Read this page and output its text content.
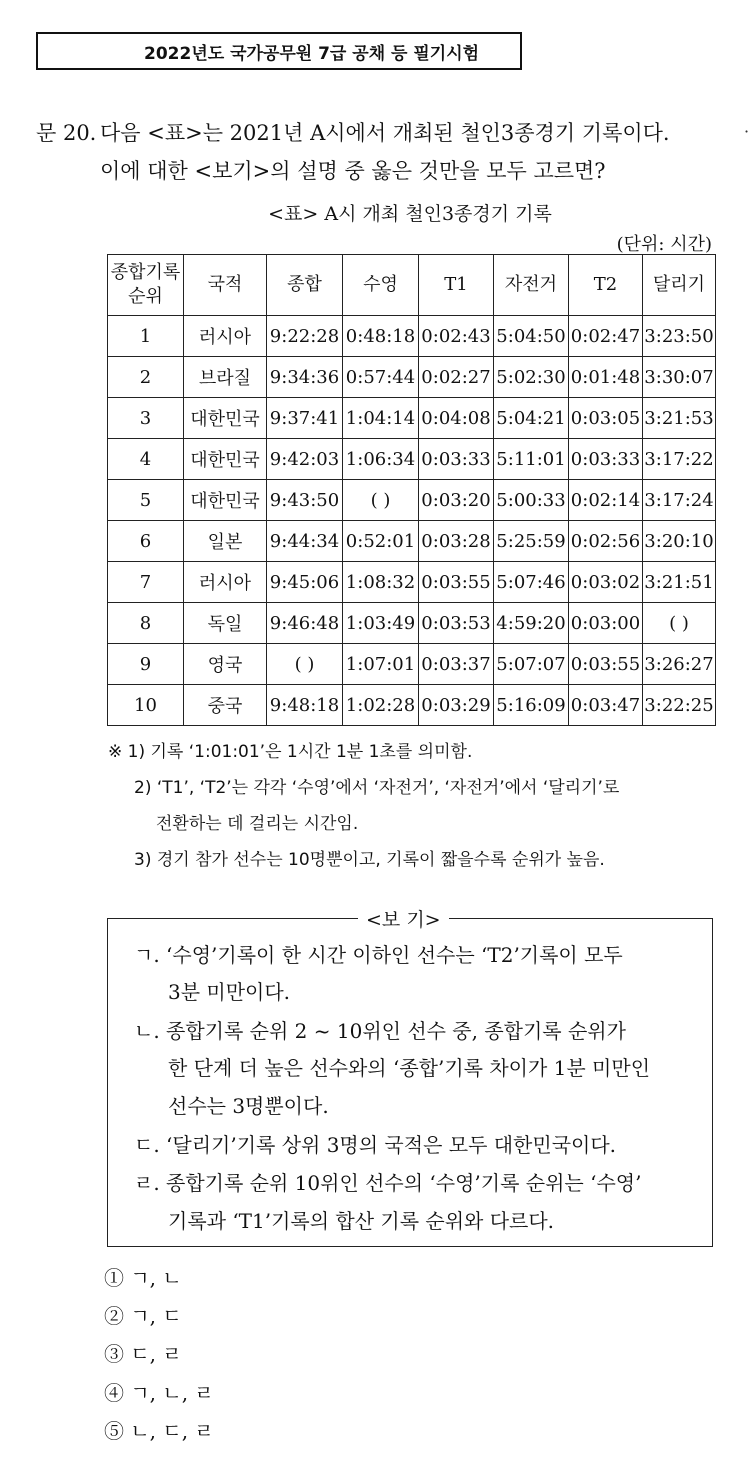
2022년도 국가공무원 7급 공채 등 필기시험
·
문 20. 다음 <표>는 2021년 A시에서 개최된 철인3종경기 기록이다.
이에 대한 <보기>의 설명 중 옳은 것만을 모두 고르면?
<표> A시 개최 철인3종경기 기록
(단위: 시간)
종합기록
순위	국적	종합	수영	T1	자전거	T2	달리기
1	러시아	9:22:28	0:48:18	0:02:43	5:04:50	0:02:47	3:23:50
2	브라질	9:34:36	0:57:44	0:02:27	5:02:30	0:01:48	3:30:07
3	대한민국	9:37:41	1:04:14	0:04:08	5:04:21	0:03:05	3:21:53
4	대한민국	9:42:03	1:06:34	0:03:33	5:11:01	0:03:33	3:17:22
5	대한민국	9:43:50	( )	0:03:20	5:00:33	0:02:14	3:17:24
6	일본	9:44:34	0:52:01	0:03:28	5:25:59	0:02:56	3:20:10
7	러시아	9:45:06	1:08:32	0:03:55	5:07:46	0:03:02	3:21:51
8	독일	9:46:48	1:03:49	0:03:53	4:59:20	0:03:00	( )
9	영국	( )	1:07:01	0:03:37	5:07:07	0:03:55	3:26:27
10	중국	9:48:18	1:02:28	0:03:29	5:16:09	0:03:47	3:22:25
※ 1) 기록 ‘1:01:01’은 1시간 1분 1초를 의미함.
2) ‘T1’, ‘T2’는 각각 ‘수영’에서 ‘자전거’, ‘자전거’에서 ‘달리기’로
전환하는 데 걸리는 시간임.
3) 경기 참가 선수는 10명뿐이고, 기록이 짧을수록 순위가 높음.
<보 기>
ㄱ. ‘수영’기록이 한 시간 이하인 선수는 ‘T2’기록이 모두
3분 미만이다.
ㄴ. 종합기록 순위 2 ~ 10위인 선수 중, 종합기록 순위가
한 단계 더 높은 선수와의 ‘종합’기록 차이가 1분 미만인
선수는 3명뿐이다.
ㄷ. ‘달리기’기록 상위 3명의 국적은 모두 대한민국이다.
ㄹ. 종합기록 순위 10위인 선수의 ‘수영’기록 순위는 ‘수영’
기록과 ‘T1’기록의 합산 기록 순위와 다르다.
① ㄱ, ㄴ
② ㄱ, ㄷ
③ ㄷ, ㄹ
④ ㄱ, ㄴ, ㄹ
⑤ ㄴ, ㄷ, ㄹ
